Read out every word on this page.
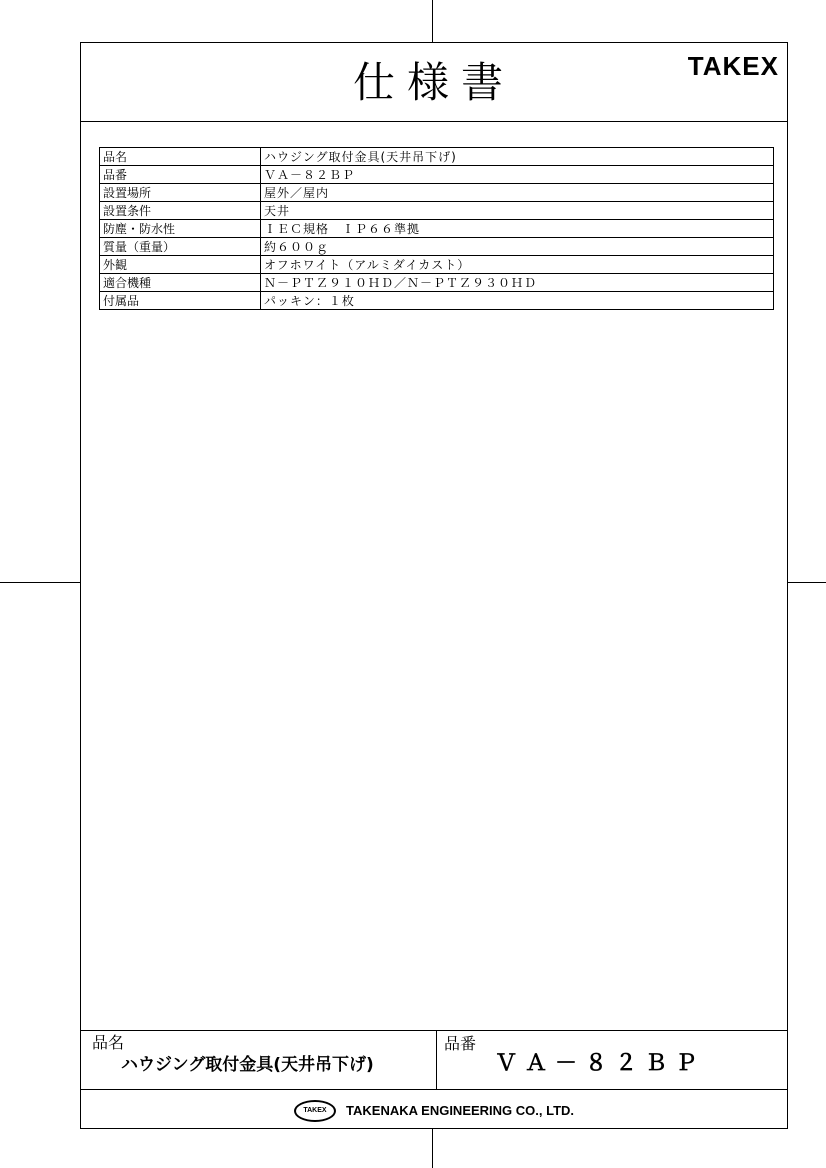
仕様書	TAKEX
品名	ハウジング取付金具(天井吊下げ)
品番	ＶＡ－８２ＢＰ
設置場所	屋外／屋内
設置条件	天井
防塵・防水性	ＩＥＣ規格　ＩＰ６６準拠
質量（重量）	約６００ｇ
外観	オフホワイト（アルミダイカスト）
適合機種	Ｎ－ＰＴＺ９１０ＨＤ／Ｎ－ＰＴＺ９３０ＨＤ
付属品	パッキン：１枚
品名
ハウジング取付金具(天井吊下げ)
品番
ＶＡ－８２ＢＰ
TAKEX TAKENAKA ENGINEERING CO., LTD.
